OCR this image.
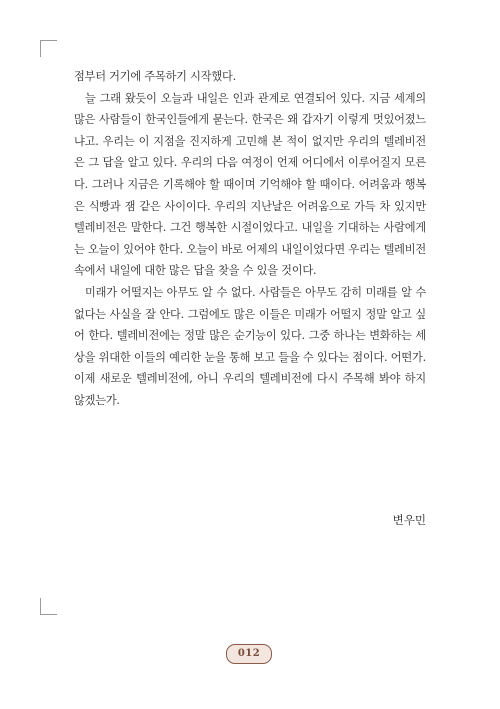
점부터 거기에 주목하기 시작했다.

늘 그래 왔듯이 오늘과 내일은 인과 관계로 연결되어 있다. 지금 세계의 많은 사람들이 한국인들에게 묻는다. 한국은 왜 갑자기 이렇게 멋있어졌느냐고. 우리는 이 지점을 진지하게 고민해 본 적이 없지만 우리의 텔레비전은 그 답을 알고 있다. 우리의 다음 여정이 언제 어디에서 이루어질지 모른다. 그러나 지금은 기록해야 할 때이며 기억해야 할 때이다. 어려움과 행복은 식빵과 잼 같은 사이이다. 우리의 지난날은 어려움으로 가득 차 있지만 텔레비전은 말한다. 그건 행복한 시절이었다고. 내일을 기대하는 사람에게는 오늘이 있어야 한다. 오늘이 바로 어제의 내일이었다면 우리는 텔레비전 속에서 내일에 대한 많은 답을 찾을 수 있을 것이다.

미래가 어떨지는 아무도 알 수 없다. 사람들은 아무도 감히 미래를 알 수 없다는 사실을 잘 안다. 그럼에도 많은 이들은 미래가 어떨지 정말 알고 싶어 한다. 텔레비전에는 정말 많은 순기능이 있다. 그중 하나는 변화하는 세상을 위대한 이들의 예리한 눈을 통해 보고 들을 수 있다는 점이다. 어떤가. 이제 새로운 텔레비전에, 아니 우리의 텔레비전에 다시 주목해 봐야 하지 않겠는가.

변우민
012
